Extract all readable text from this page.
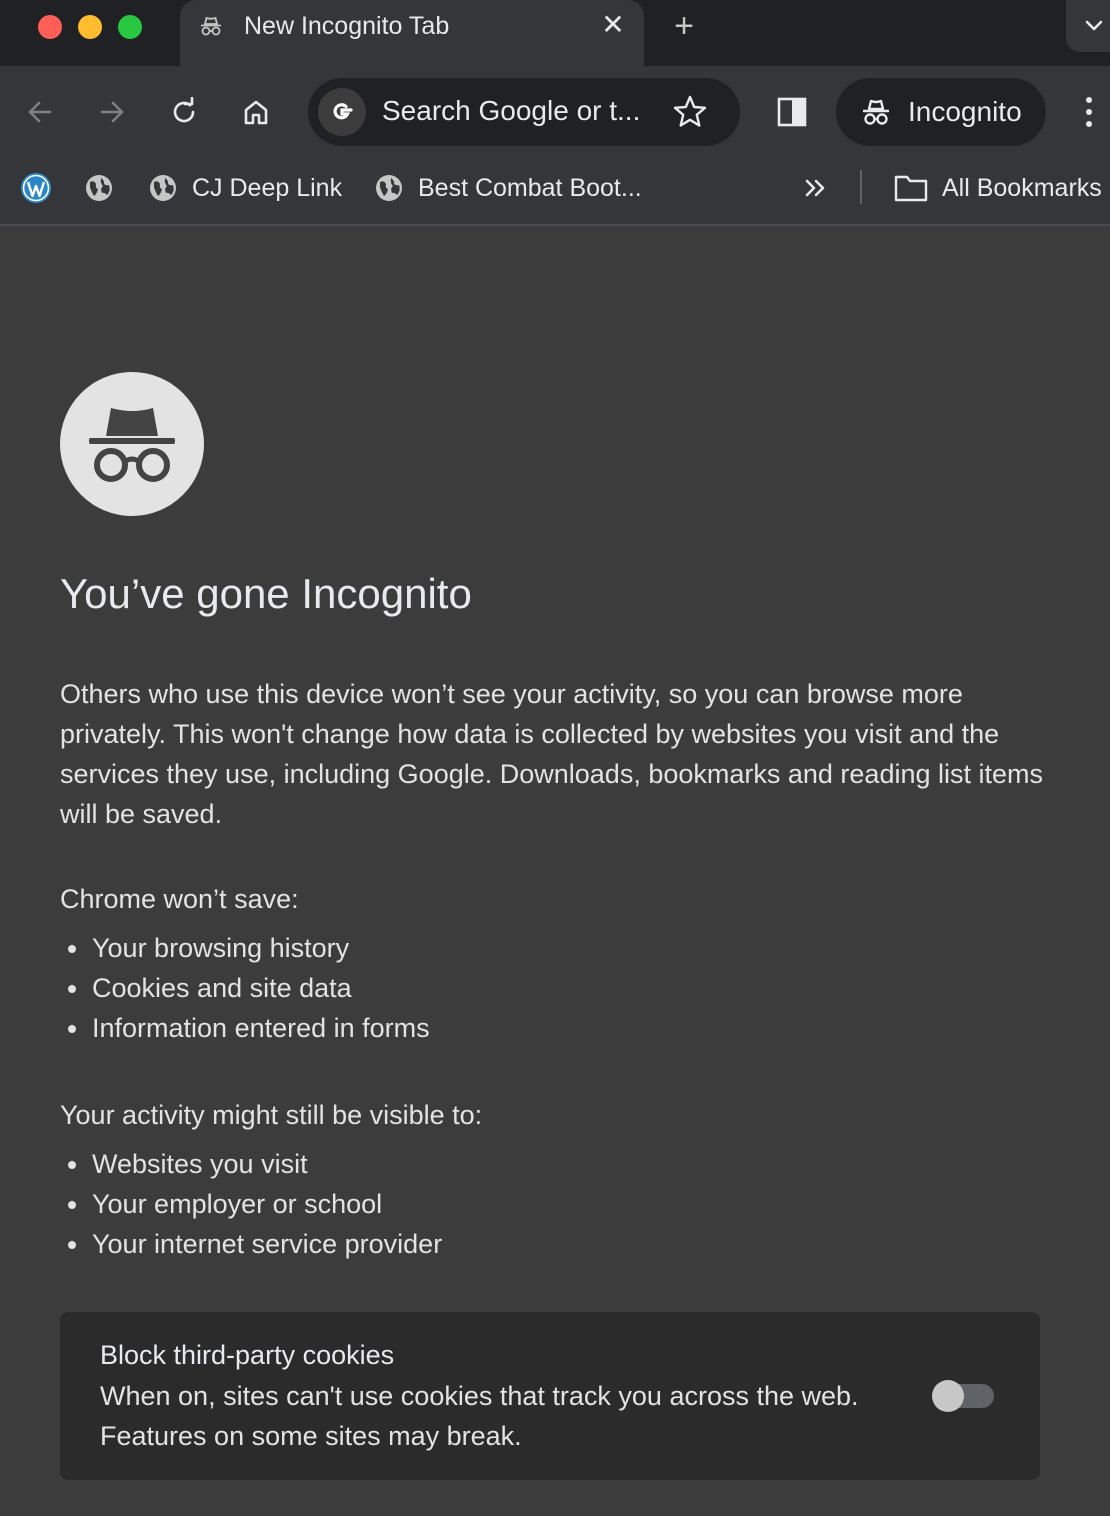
New Incognito Tab	✕ +
Search Google or t...	Incognito
CJ Deep Link	Best Combat Boot...	All Bookmarks
You’ve gone Incognito

Others who use this device won’t see your activity, so you can browse more privately. This won't change how data is collected by websites you visit and the services they use, including Google. Downloads, bookmarks and reading list items will be saved.

Chrome won’t save:
Your browsing history
Cookies and site data
Information entered in forms
Your activity might still be visible to:
Websites you visit
Your employer or school
Your internet service provider
Block third-party cookies
When on, sites can't use cookies that track you across the web. Features on some sites may break.
